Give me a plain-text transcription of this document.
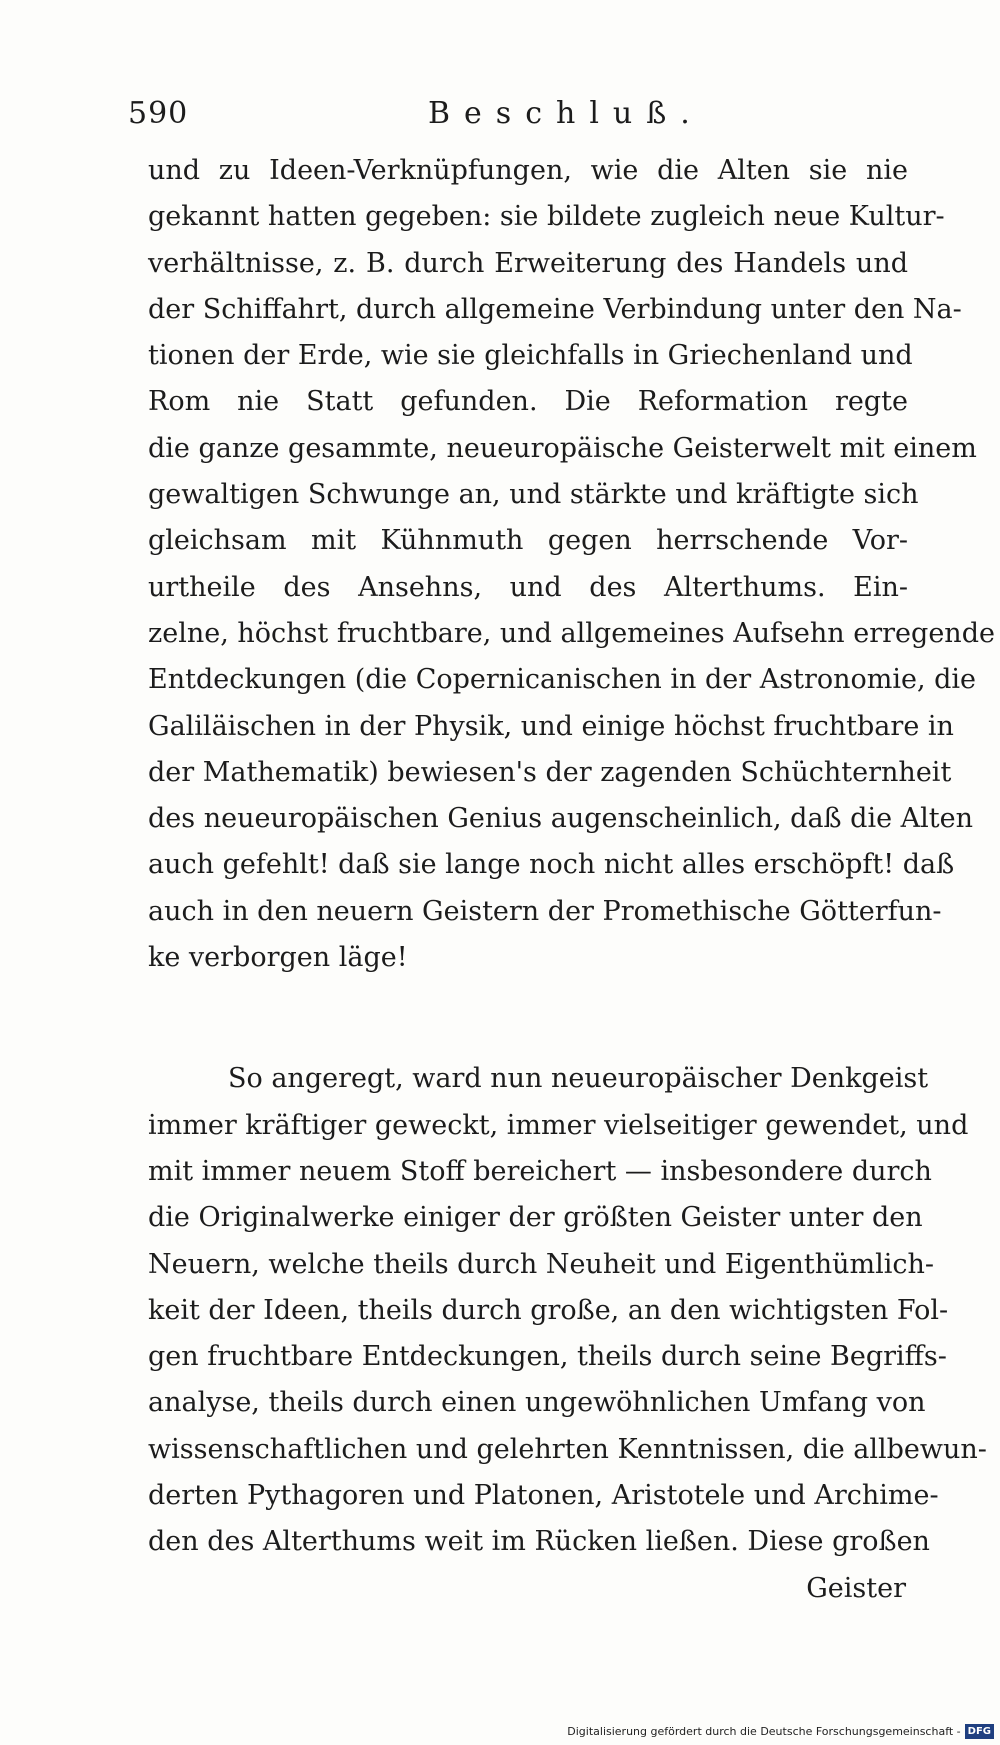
590	Beschluß.
und zu Ideen-Verknüpfungen, wie die Alten sie nie
gekannt hatten gegeben: sie bildete zugleich neue Kultur-
verhältnisse, z. B. durch Erweiterung des Handels und
der Schiffahrt, durch allgemeine Verbindung unter den Na-
tionen der Erde, wie sie gleichfalls in Griechenland und
Rom nie Statt gefunden. Die Reformation regte
die ganze gesammte, neueuropäische Geisterwelt mit einem
gewaltigen Schwunge an, und stärkte und kräftigte sich
gleichsam mit Kühnmuth gegen herrschende Vor-
urtheile des Ansehns, und des Alterthums. Ein-
zelne, höchst fruchtbare, und allgemeines Aufsehn erregende
Entdeckungen (die Copernicanischen in der Astronomie, die
Galiläischen in der Physik, und einige höchst fruchtbare in
der Mathematik) bewiesen's der zagenden Schüchternheit
des neueuropäischen Genius augenscheinlich, daß die Alten
auch gefehlt! daß sie lange noch nicht alles erschöpft! daß
auch in den neuern Geistern der Promethische Götterfun-
ke verborgen läge!
So angeregt, ward nun neueuropäischer Denkgeist
immer kräftiger geweckt, immer vielseitiger gewendet, und
mit immer neuem Stoff bereichert — insbesondere durch
die Originalwerke einiger der größten Geister unter den
Neuern, welche theils durch Neuheit und Eigenthümlich-
keit der Ideen, theils durch große, an den wichtigsten Fol-
gen fruchtbare Entdeckungen, theils durch seine Begriffs-
analyse, theils durch einen ungewöhnlichen Umfang von
wissenschaftlichen und gelehrten Kenntnissen, die allbewun-
derten Pythagoren und Platonen, Aristotele und Archime-
den des Alterthums weit im Rücken ließen. Diese großen
Geister
Digitalisierung gefördert durch die Deutsche Forschungsgemeinschaft - DFG
